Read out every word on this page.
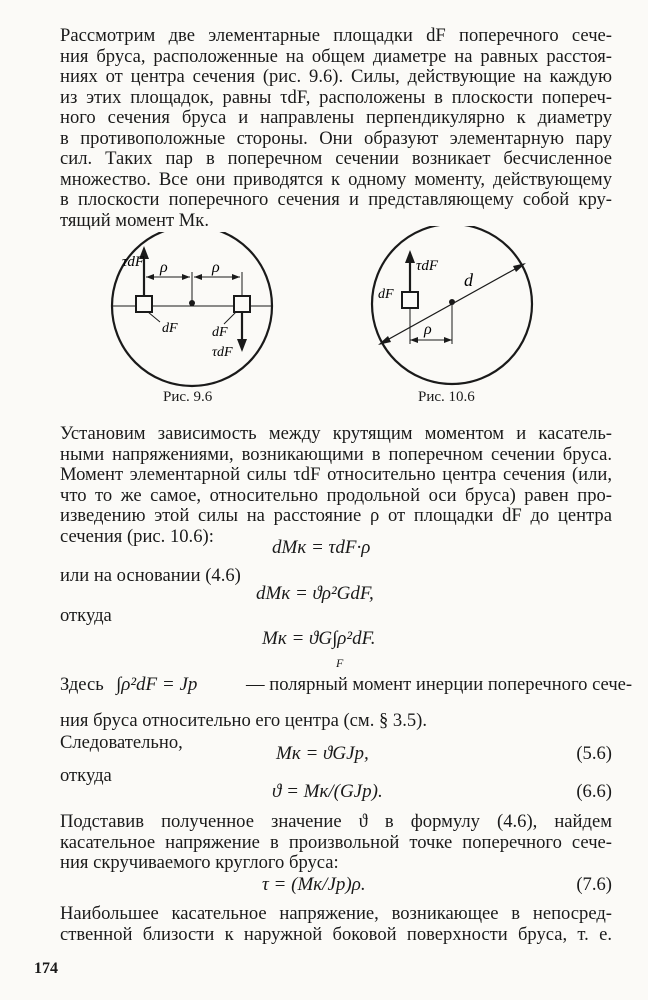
Рассмотрим две элементарные площадки dF поперечного сече-
ния бруса, расположенные на общем диаметре на равных расстоя-
ниях от центра сечения (рис. 9.6). Силы, действующие на каждую
из этих площадок, равны τdF, расположены в плоскости попереч-
ного сечения бруса и направлены перпендикулярно к диаметру
в противоположные стороны. Они образуют элементарную пару
сил. Таких пар в поперечном сечении возникает бесчисленное
множество. Все они приводятся к одному моменту, действующему
в плоскости поперечного сечения и представляющему собой кру-
тящий момент Mк.
τdF ρ	ρ
dF dF
τdF
Рис. 9.6
τdF
dF
d
ρ
Рис. 10.6
Установим зависимость между крутящим моментом и касатель-
ными напряжениями, возникающими в поперечном сечении бруса.
Момент элементарной силы τdF относительно центра сечения (или,
что то же самое, относительно продольной оси бруса) равен про-
изведению этой силы на расстояние ρ от площадки dF до центра
сечения (рис. 10.6):
dMк = τdF·ρ
или на основании (4.6)
dMк = ϑρ²GdF,
откуда
Mк = ϑG∫ρ²dF.
F
Здесь ∫ρ²dF = Jp	— полярный момент инерции поперечного сече-
ния бруса относительно его центра (см. § 3.5).
Следовательно,
Mк = ϑGJp,	(5.6)
откуда
ϑ = Mк/(GJp).	(6.6)
Подставив полученное значение ϑ в формулу (4.6), найдем
касательное напряжение в произвольной точке поперечного сече-
ния скручиваемого круглого бруса:
τ = (Mк/Jp)ρ.	(7.6)
Наибольшее касательное напряжение, возникающее в непосред-
ственной близости к наружной боковой поверхности бруса, т. е.
174
